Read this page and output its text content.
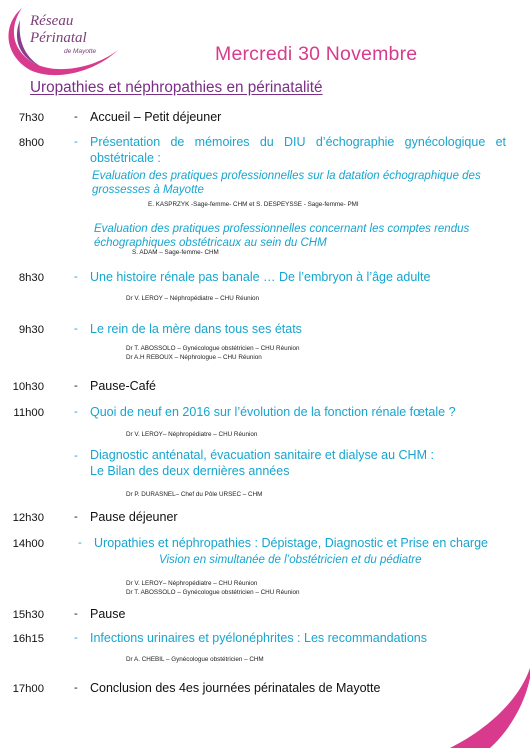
Réseau
Périnatal
de Mayotte	Mercredi 30 Novembre
Uropathies et néphropathies en périnatalité
7h30	- Accueil – Petit déjeuner
8h00	- Présentation de mémoires du DIU d’échographie gynécologique et obstétricale :
Evaluation des pratiques professionnelles sur la datation échographique des grossesses à Mayotte
E. KASPRZYK -Sage-femme- CHM et S. DESPEYSSE - Sage-femme- PMI
Evaluation des pratiques professionnelles concernant les comptes rendus échographiques obstétricaux au sein du CHM
S. ADAM – Sage-femme- CHM
8h30	- Une histoire rénale pas banale … De l’embryon à l’âge adulte
Dr V. LEROY – Néphropédiatre – CHU Réunion
9h30	- Le rein de la mère dans tous ses états
Dr T. ABOSSOLO – Gynécologue obstétricien – CHU Réunion
Dr A.H REBOUX – Néphrologue – CHU Réunion
10h30	- Pause-Café
11h00	- Quoi de neuf en 2016 sur l’évolution de la fonction rénale fœtale ?
Dr V. LEROY– Néphropédiatre – CHU Réunion
- Diagnostic anténatal, évacuation sanitaire et dialyse au CHM :
Le Bilan des deux dernières années
Dr P. DURASNEL– Chef du Pôle URSEC – CHM
12h30	- Pause déjeuner
14h00	- Uropathies et néphropathies : Dépistage, Diagnostic et Prise en charge
Vision en simultanée de l’obstétricien et du pédiatre
Dr V. LEROY– Néphropédiatre – CHU Réunion
Dr T. ABOSSOLO – Gynécologue obstétricien – CHU Réunion
15h30	- Pause
16h15	- Infections urinaires et pyélonéphrites : Les recommandations
Dr A. CHEBIL – Gynécologue obstétricien – CHM
17h00	- Conclusion des 4es journées périnatales de Mayotte
